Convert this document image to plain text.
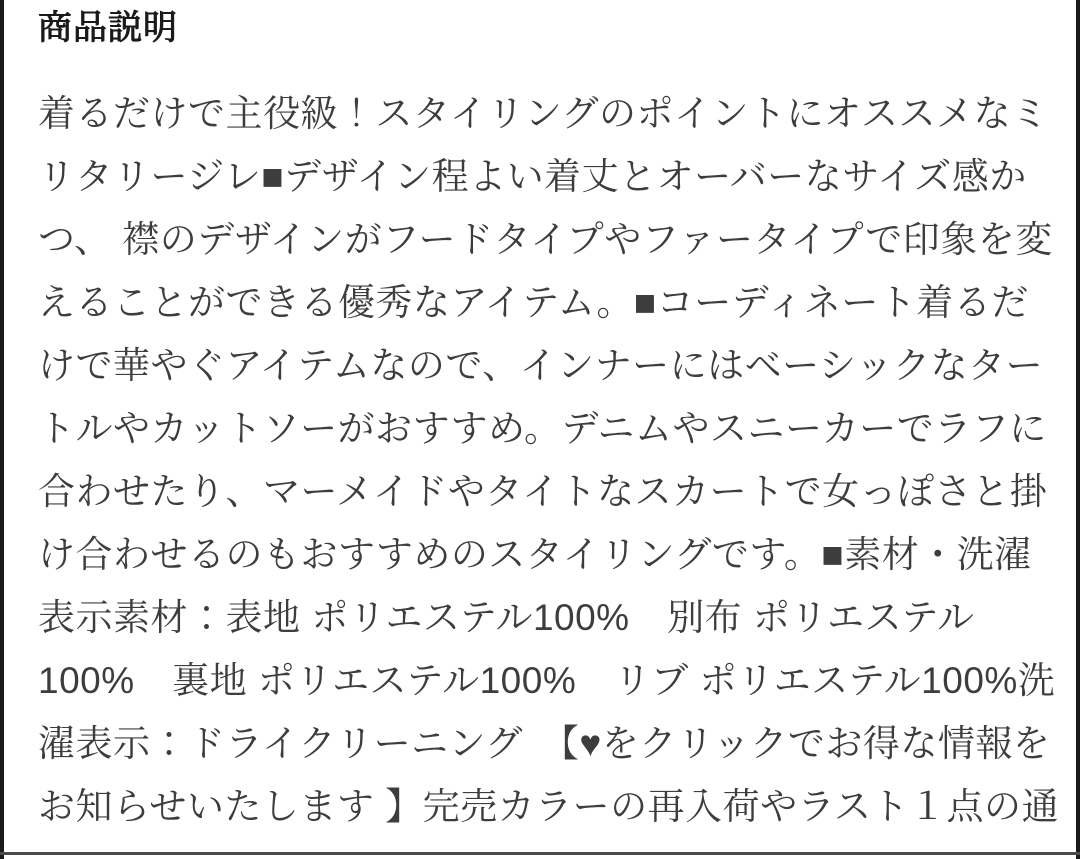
商品説明
着るだけで主役級！スタイリングのポイントにオススメなミ
リタリージレ■デザイン程よい着丈とオーバーなサイズ感か
つ、 襟のデザインがフードタイプやファータイプで印象を変
えることができる優秀なアイテム。■コーディネート着るだ
けで華やぐアイテムなので、インナーにはベーシックなター
トルやカットソーがおすすめ。デニムやスニーカーでラフに
合わせたり、マーメイドやタイトなスカートで女っぽさと掛
け合わせるのもおすすめのスタイリングです。■素材・洗濯
表示素材：表地 ポリエステル100%　別布 ポリエステル
100%　裏地 ポリエステル100%　リブ ポリエステル100%洗
濯表示：ドライクリーニング　【♥をクリックでお得な情報を
お知らせいたします 】完売カラーの再入荷やラスト１点の通
